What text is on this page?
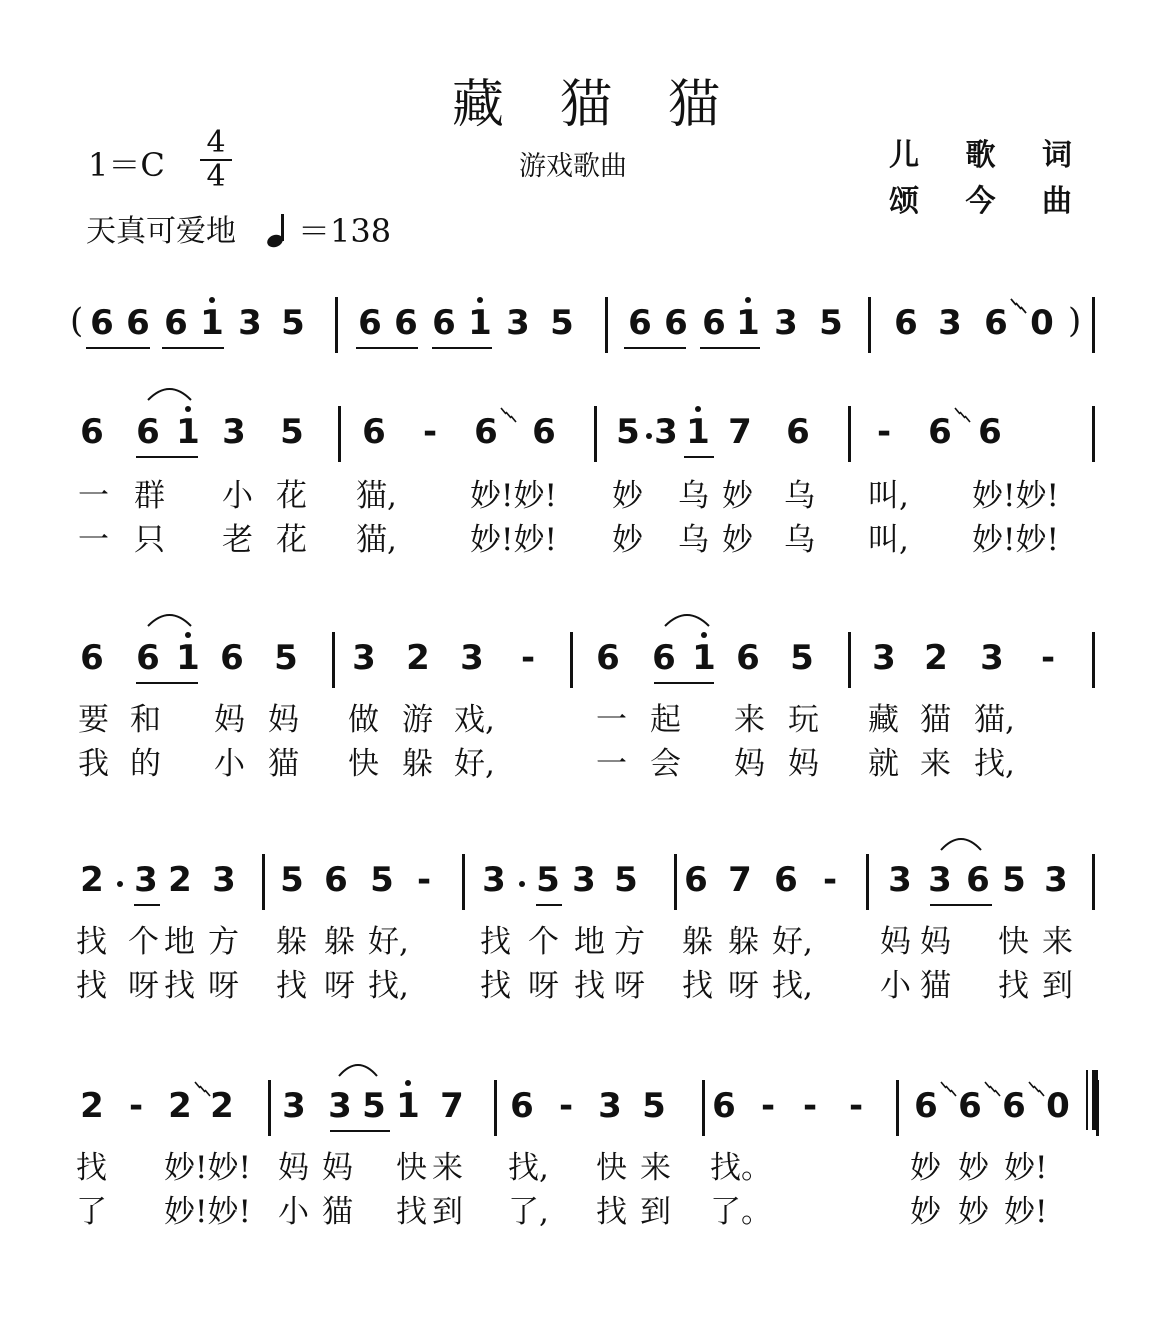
藏猫猫
游戏歌曲	儿 歌 词
颂 今 曲
1＝C
4
4
天真可爱地 ＝138
6 6 6 1 3 5 6 6 6 1 3 5 6 6 6 1 3 5 6 3 6 0
6 6 1 3 5 6	-	6 6 5 3 1 7 6	-	6 6
6 6 1 6 5 3 2 3	-	6 6 1 6 5 3 2 3	-
2 3 2 3 5 6 5 -	3 5 3 5 6 7 6 -	3 3 6 5 3
2 - 2 2 3 3 5 1 7 6 - 3 5 6 - - -	6 6 6 0
(	)
一 群 小 花 猫, 妙!妙! 妙 乌 妙 乌 叫, 妙!妙!
一 只 老 花 猫, 妙!妙! 妙 乌 妙 乌 叫, 妙!妙!
要 和 妈 妈 做 游 戏,	一 起 来 玩 藏 猫 猫,
我 的 小 猫 快 躲 好,	一 会 妈 妈 就 来 找,
找 个 地 方 躲 躲 好, 找 个 地 方 躲 躲 好, 妈 妈 快 来
找 呀 找 呀 找 呀 找, 找 呀 找 呀 找 呀 找, 小 猫 找 到
找 妙!妙! 妈 妈 快 来 找, 快 来 找。	妙 妙 妙!
了 妙!妙! 小 猫 找 到 了, 找 到 了。	妙 妙 妙!
